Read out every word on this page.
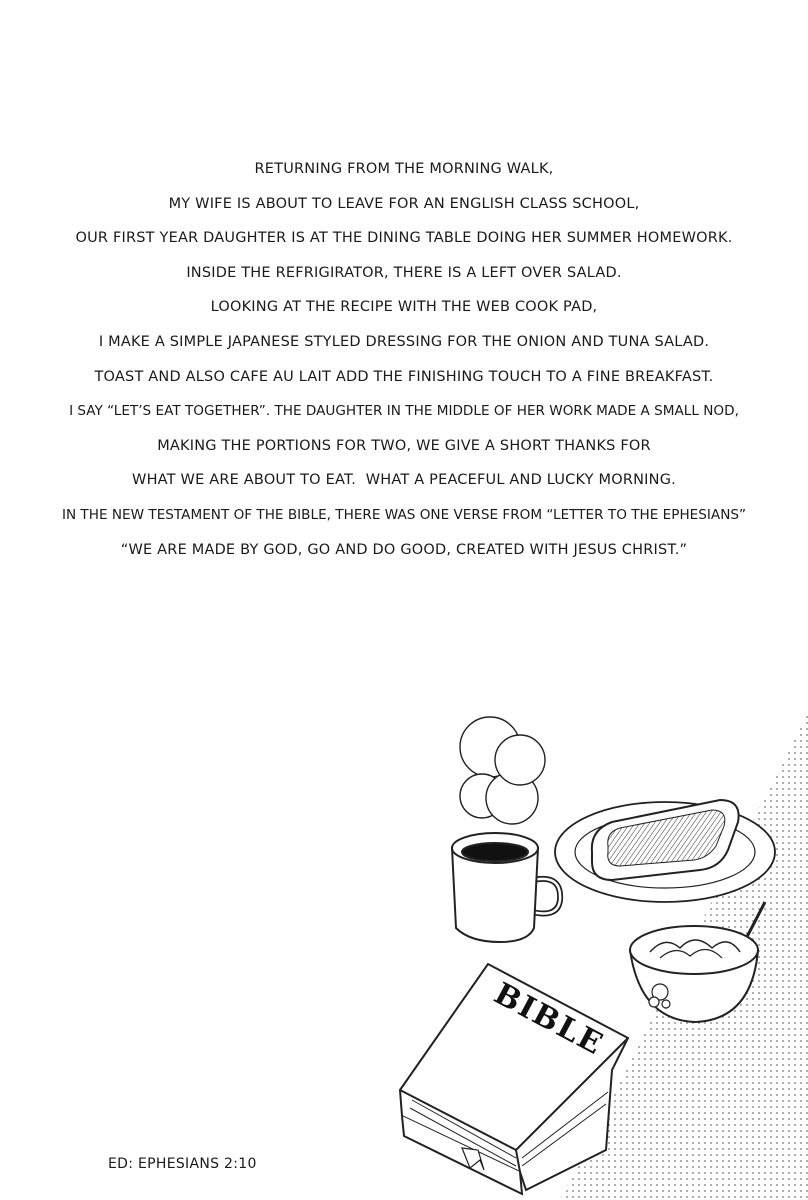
RETURNING FROM THE MORNING WALK,
MY WIFE IS ABOUT TO LEAVE FOR AN ENGLISH CLASS SCHOOL,
OUR FIRST YEAR DAUGHTER IS AT THE DINING TABLE DOING HER SUMMER HOMEWORK.
INSIDE THE REFRIGIRATOR, THERE IS A LEFT OVER SALAD.
LOOKING AT THE RECIPE WITH THE WEB COOK PAD,
I MAKE A SIMPLE JAPANESE STYLED DRESSING FOR THE ONION AND TUNA SALAD.
TOAST AND ALSO CAFE AU LAIT ADD THE FINISHING TOUCH TO A FINE BREAKFAST.
I SAY “LET’S EAT TOGETHER”. THE DAUGHTER IN THE MIDDLE OF HER WORK MADE A SMALL NOD,
MAKING THE PORTIONS FOR TWO, WE GIVE A SHORT THANKS FOR
WHAT WE ARE ABOUT TO EAT.  WHAT A PEACEFUL AND LUCKY MORNING.
IN THE NEW TESTAMENT OF THE BIBLE, THERE WAS ONE VERSE FROM “LETTER TO THE EPHESIANS”
“WE ARE MADE BY GOD, GO AND DO GOOD, CREATED WITH JESUS CHRIST.”
BIBLE
ED: EPHESIANS 2:10
